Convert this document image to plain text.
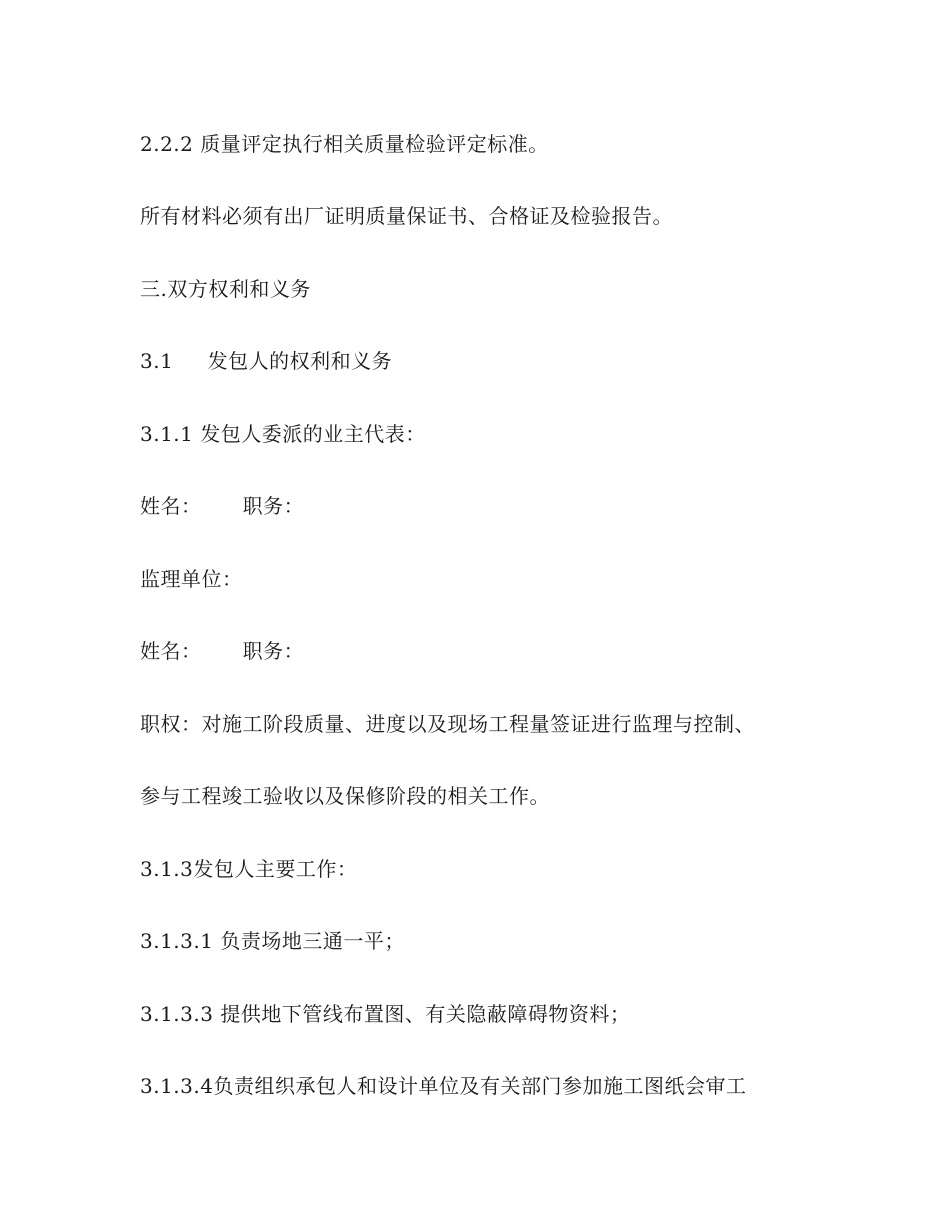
2.2.2 质量评定执行相关质量检验评定标准。
所有材料必须有出厂证明质量保证书、合格证及检验报告。
三.双方权利和义务
3.1     发包人的权利和义务
3.1.1 发包人委派的业主代表：
姓名：      职务：
监理单位：
姓名：      职务：
职权：对施工阶段质量、进度以及现场工程量签证进行监理与控制、
参与工程竣工验收以及保修阶段的相关工作。
3.1.3发包人主要工作：
3.1.3.1 负责场地三通一平；
3.1.3.3 提供地下管线布置图、有关隐蔽障碍物资料；
3.1.3.4负责组织承包人和设计单位及有关部门参加施工图纸会审工
